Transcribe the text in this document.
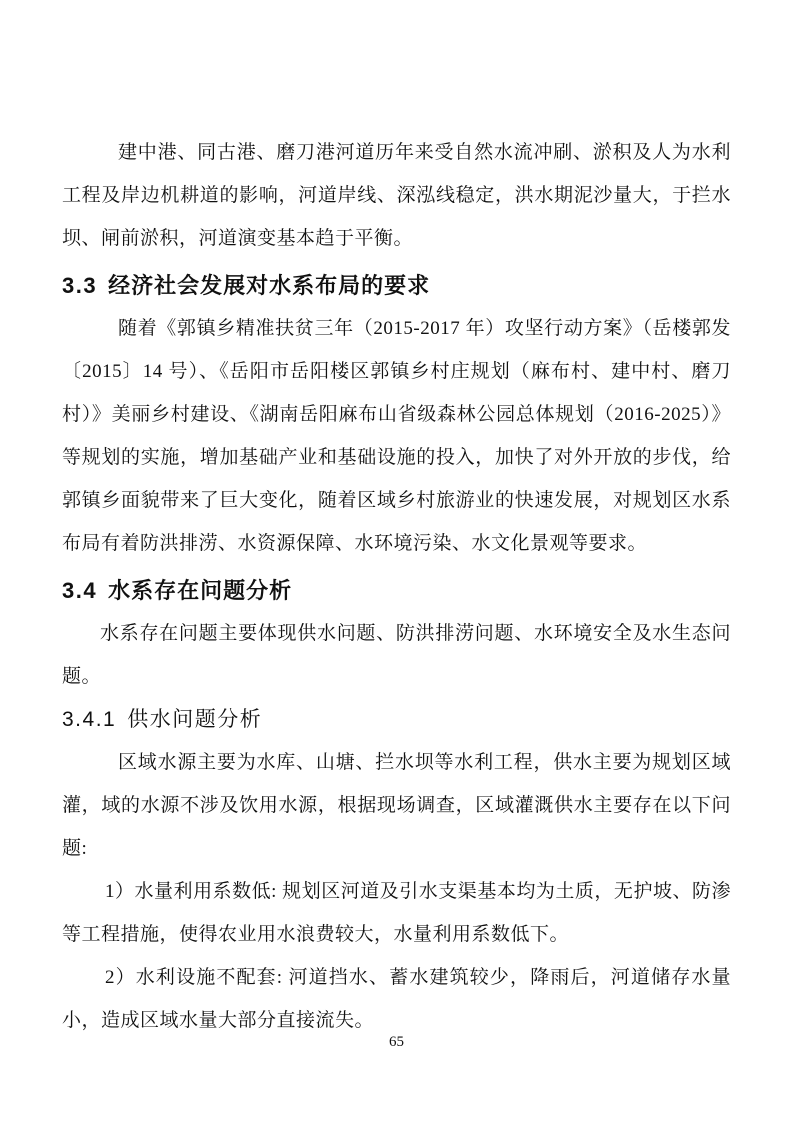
建中港、同古港、磨刀港河道历年来受自然水流冲刷、淤积及人为水利工程及岸边机耕道的影响，河道岸线、深泓线稳定，洪水期泥沙量大，于拦水坝、闸前淤积，河道演变基本趋于平衡。

3.3 经济社会发展对水系布局的要求

随着《郭镇乡精准扶贫三年（2015-2017 年）攻坚行动方案》（岳楼郭发〔2015〕14 号）、《岳阳市岳阳楼区郭镇乡村庄规划（麻布村、建中村、磨刀村）》美丽乡村建设、《湖南岳阳麻布山省级森林公园总体规划（2016-2025）》等规划的实施，增加基础产业和基础设施的投入，加快了对外开放的步伐，给郭镇乡面貌带来了巨大变化，随着区域乡村旅游业的快速发展，对规划区水系布局有着防洪排涝、水资源保障、水环境污染、水文化景观等要求。

3.4 水系存在问题分析

水系存在问题主要体现供水问题、防洪排涝问题、水环境安全及水生态问题。

3.4.1 供水问题分析

区域水源主要为水库、山塘、拦水坝等水利工程，供水主要为规划区域灌，域的水源不涉及饮用水源，根据现场调查，区域灌溉供水主要存在以下问题:

1）水量利用系数低: 规划区河道及引水支渠基本均为土质，无护坡、防渗等工程措施，使得农业用水浪费较大，水量利用系数低下。

2）水利设施不配套: 河道挡水、蓄水建筑较少，降雨后，河道储存水量小，造成区域水量大部分直接流失。

65
